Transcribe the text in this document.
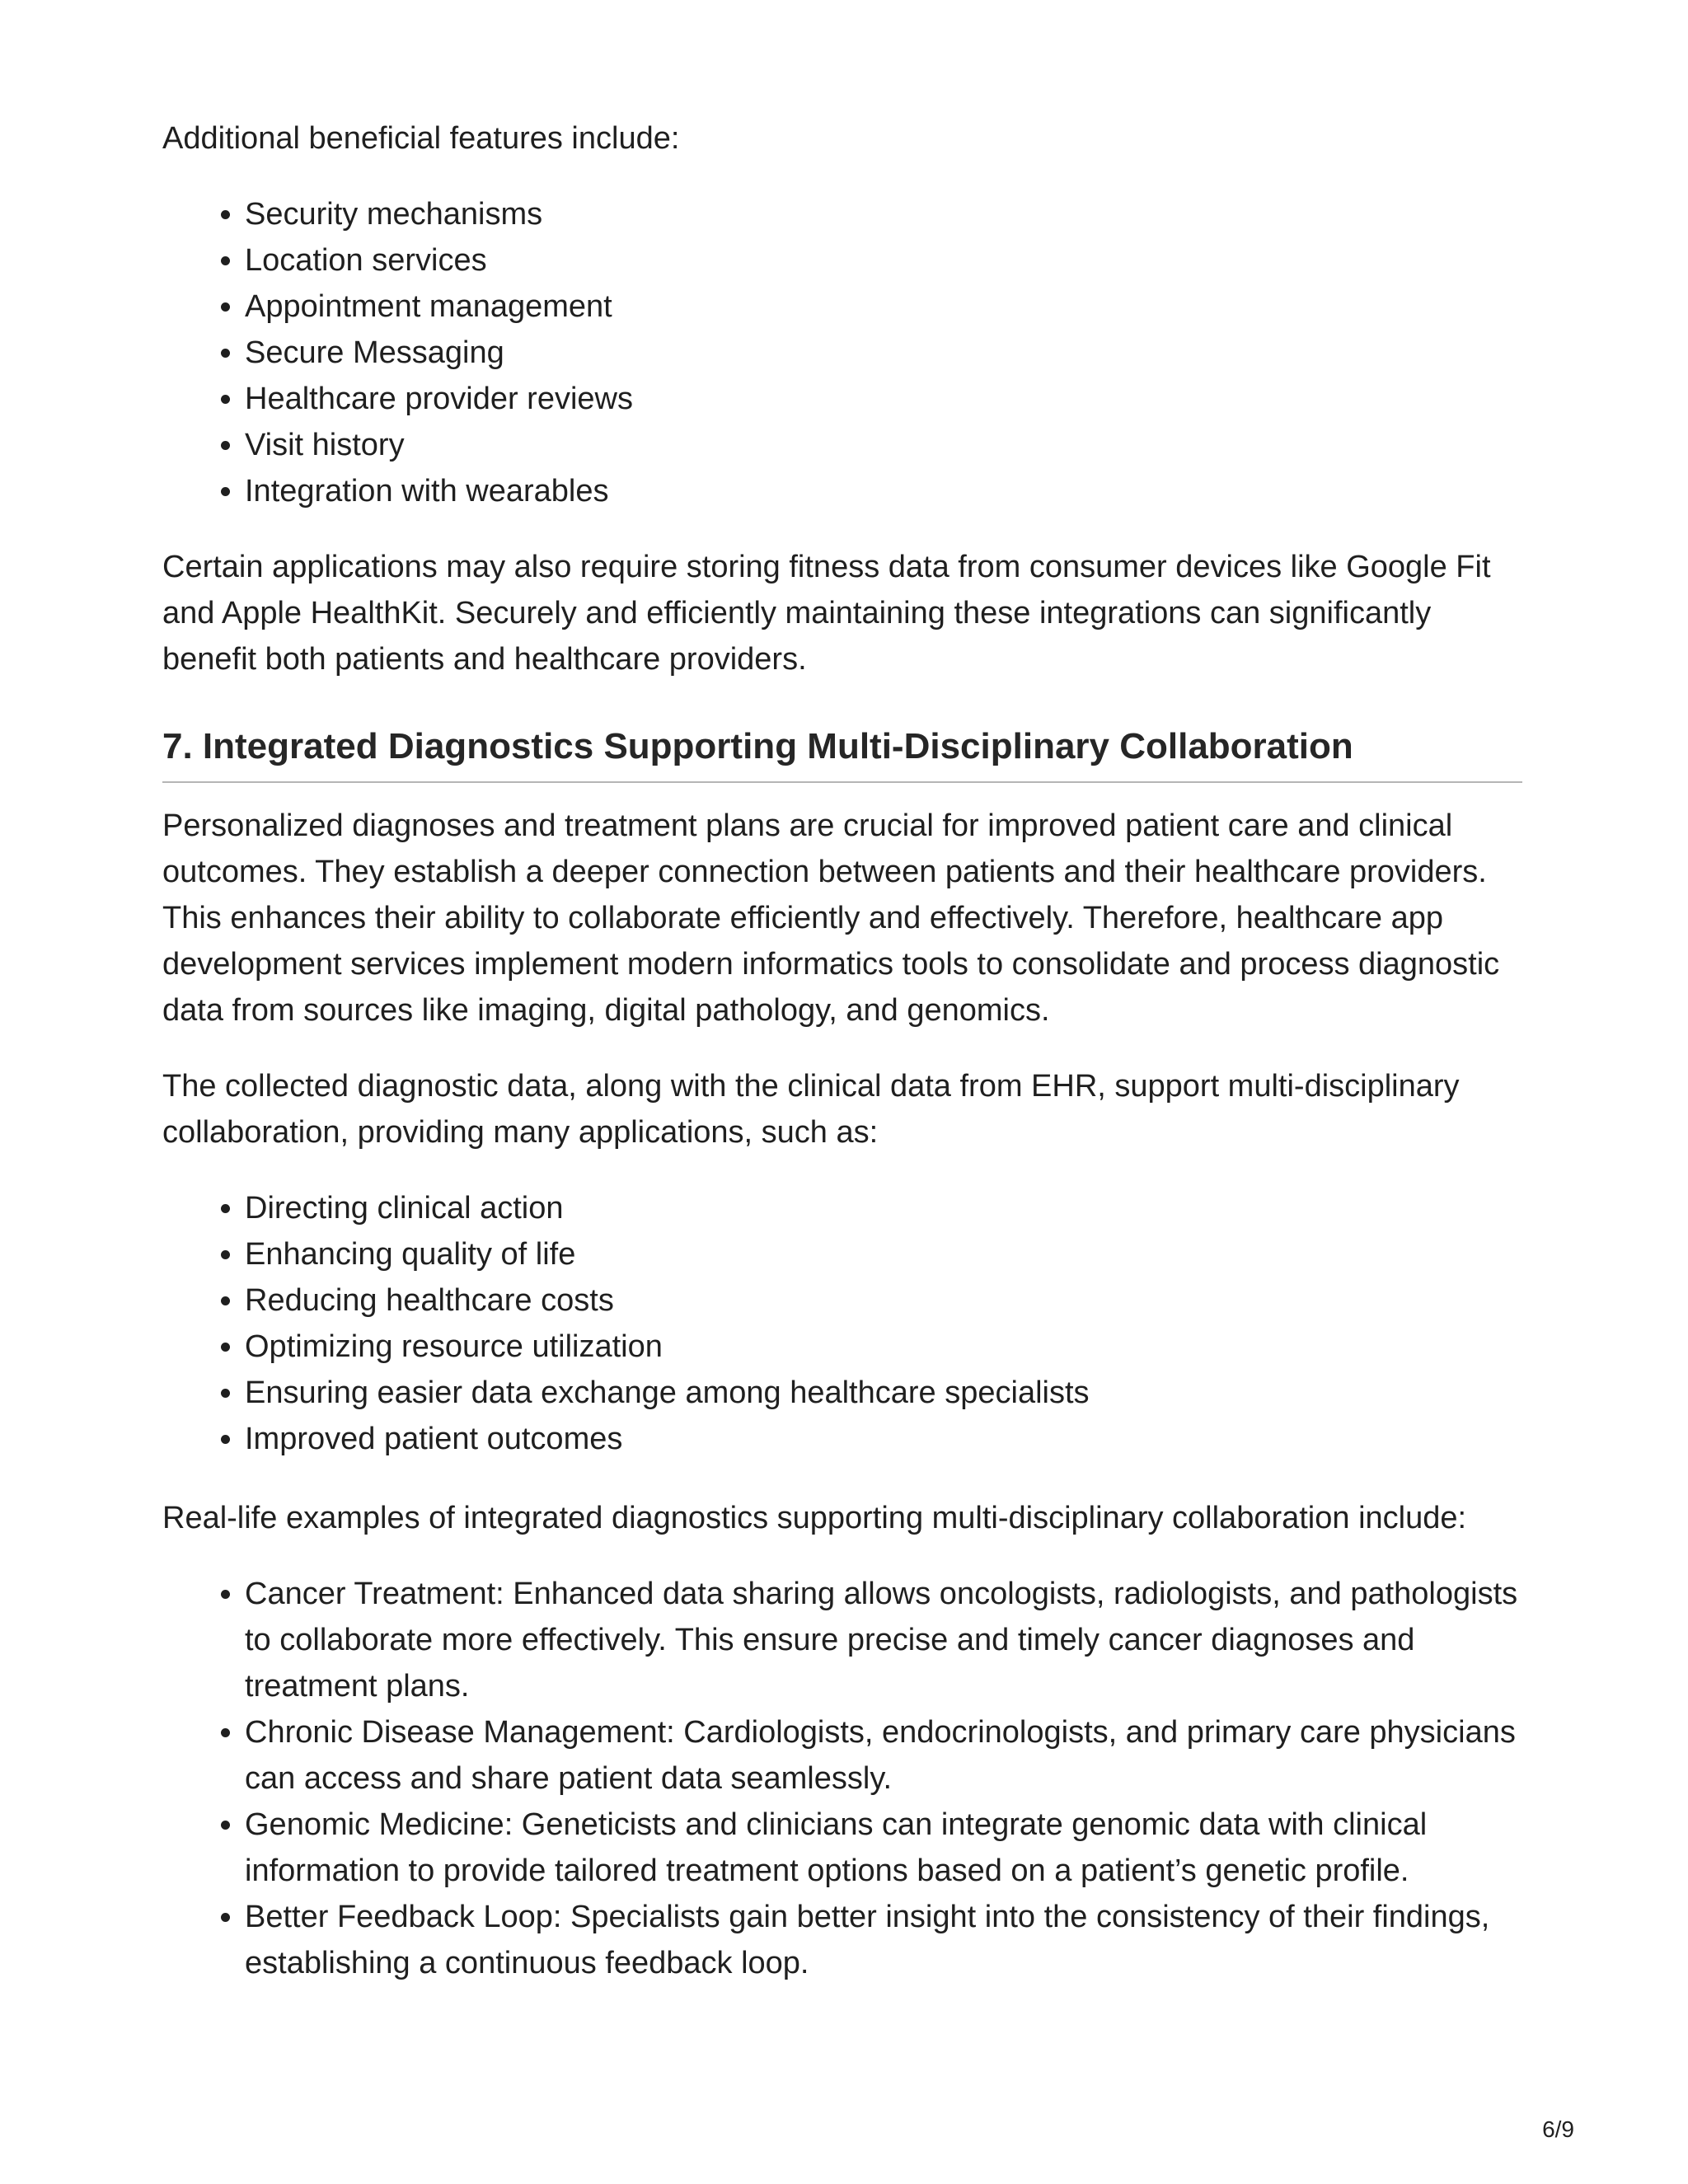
Additional beneficial features include:

• Security mechanisms
• Location services
• Appointment management
• Secure Messaging
• Healthcare provider reviews
• Visit history
• Integration with wearables

Certain applications may also require storing fitness data from consumer devices like Google Fit and Apple HealthKit. Securely and efficiently maintaining these integrations can significantly benefit both patients and healthcare providers.

7. Integrated Diagnostics Supporting Multi-Disciplinary Collaboration

Personalized diagnoses and treatment plans are crucial for improved patient care and clinical outcomes. They establish a deeper connection between patients and their healthcare providers. This enhances their ability to collaborate efficiently and effectively. Therefore, healthcare app development services implement modern informatics tools to consolidate and process diagnostic data from sources like imaging, digital pathology, and genomics.

The collected diagnostic data, along with the clinical data from EHR, support multi-disciplinary collaboration, providing many applications, such as:

• Directing clinical action
• Enhancing quality of life
• Reducing healthcare costs
• Optimizing resource utilization
• Ensuring easier data exchange among healthcare specialists
• Improved patient outcomes

Real-life examples of integrated diagnostics supporting multi-disciplinary collaboration include:

• Cancer Treatment: Enhanced data sharing allows oncologists, radiologists, and pathologists to collaborate more effectively. This ensure precise and timely cancer diagnoses and treatment plans.
• Chronic Disease Management: Cardiologists, endocrinologists, and primary care physicians can access and share patient data seamlessly.
• Genomic Medicine: Geneticists and clinicians can integrate genomic data with clinical information to provide tailored treatment options based on a patient’s genetic profile.
• Better Feedback Loop: Specialists gain better insight into the consistency of their findings, establishing a continuous feedback loop.
6/9
